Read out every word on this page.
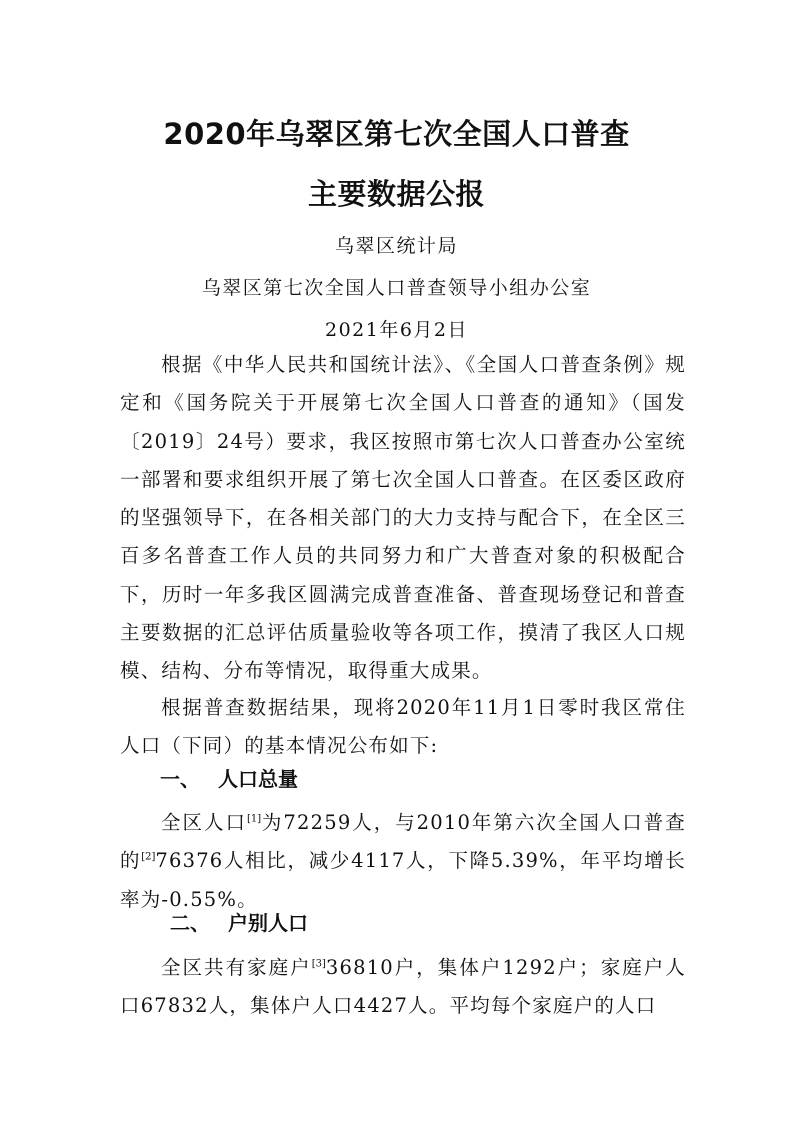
2020年乌翠区第七次全国人口普查
主要数据公报
乌翠区统计局
乌翠区第七次全国人口普查领导小组办公室
2021年6月2日

根据《中华人民共和国统计法》、《全国人口普查条例》规定和《国务院关于开展第七次全国人口普查的通知》（国发〔2019〕24号）要求，我区按照市第七次人口普查办公室统一部署和要求组织开展了第七次全国人口普查。在区委区政府的坚强领导下，在各相关部门的大力支持与配合下，在全区三百多名普查工作人员的共同努力和广大普查对象的积极配合下，历时一年多我区圆满完成普查准备、普查现场登记和普查主要数据的汇总评估质量验收等各项工作，摸清了我区人口规模、结构、分布等情况，取得重大成果。

根据普查数据结果，现将2020年11月1日零时我区常住人口（下同）的基本情况公布如下:

一、 人口总量

全区人口[1]为72259人，与2010年第六次全国人口普查的[2]76376人相比，减少4117人，下降5.39%，年平均增长率为-0.55%。

二、 户别人口

全区共有家庭户[3]36810户，集体户1292户；家庭户人口67832人，集体户人口4427人。平均每个家庭户的人口
